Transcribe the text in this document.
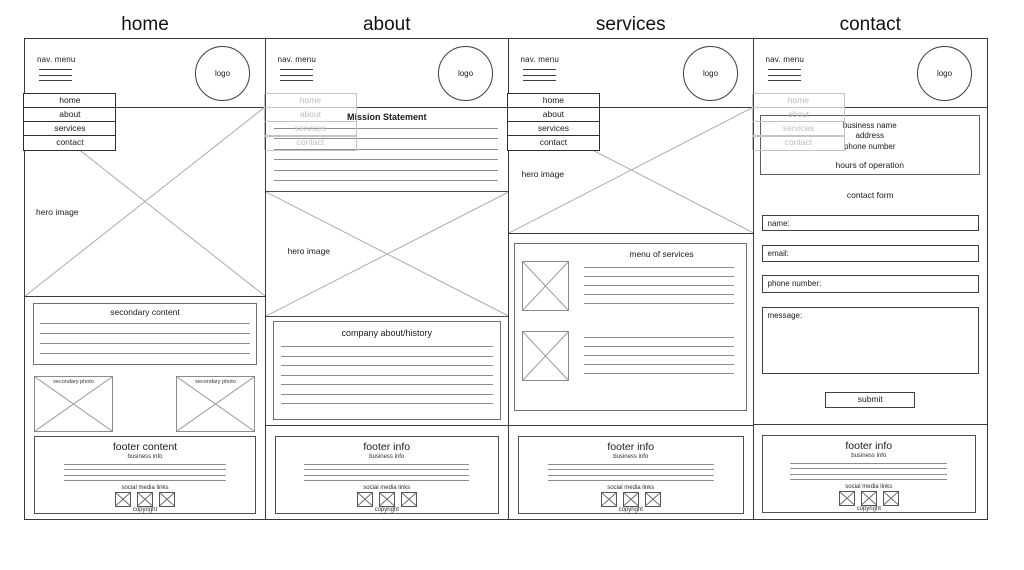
home
nav. menu
logo
hero image
home
about
services
contact
secondary content
secondary photo	secondary photo
footer content
business info
social media links
copyright
about
nav. menu
logo
Mission Statement
home
about
services
contact
hero image
company about/history
footer info
business info
social media links
copyright
services
nav. menu
logo
hero image
home
about
services
contact
menu of services
footer info
business info
social media links
copyright
contact
nav. menu
logo
business name
address
phone number
hours of operation
home
about
services
contact
contact form
name:
email:
phone number:
message:
submit
footer info
business info
social media links
copyright
